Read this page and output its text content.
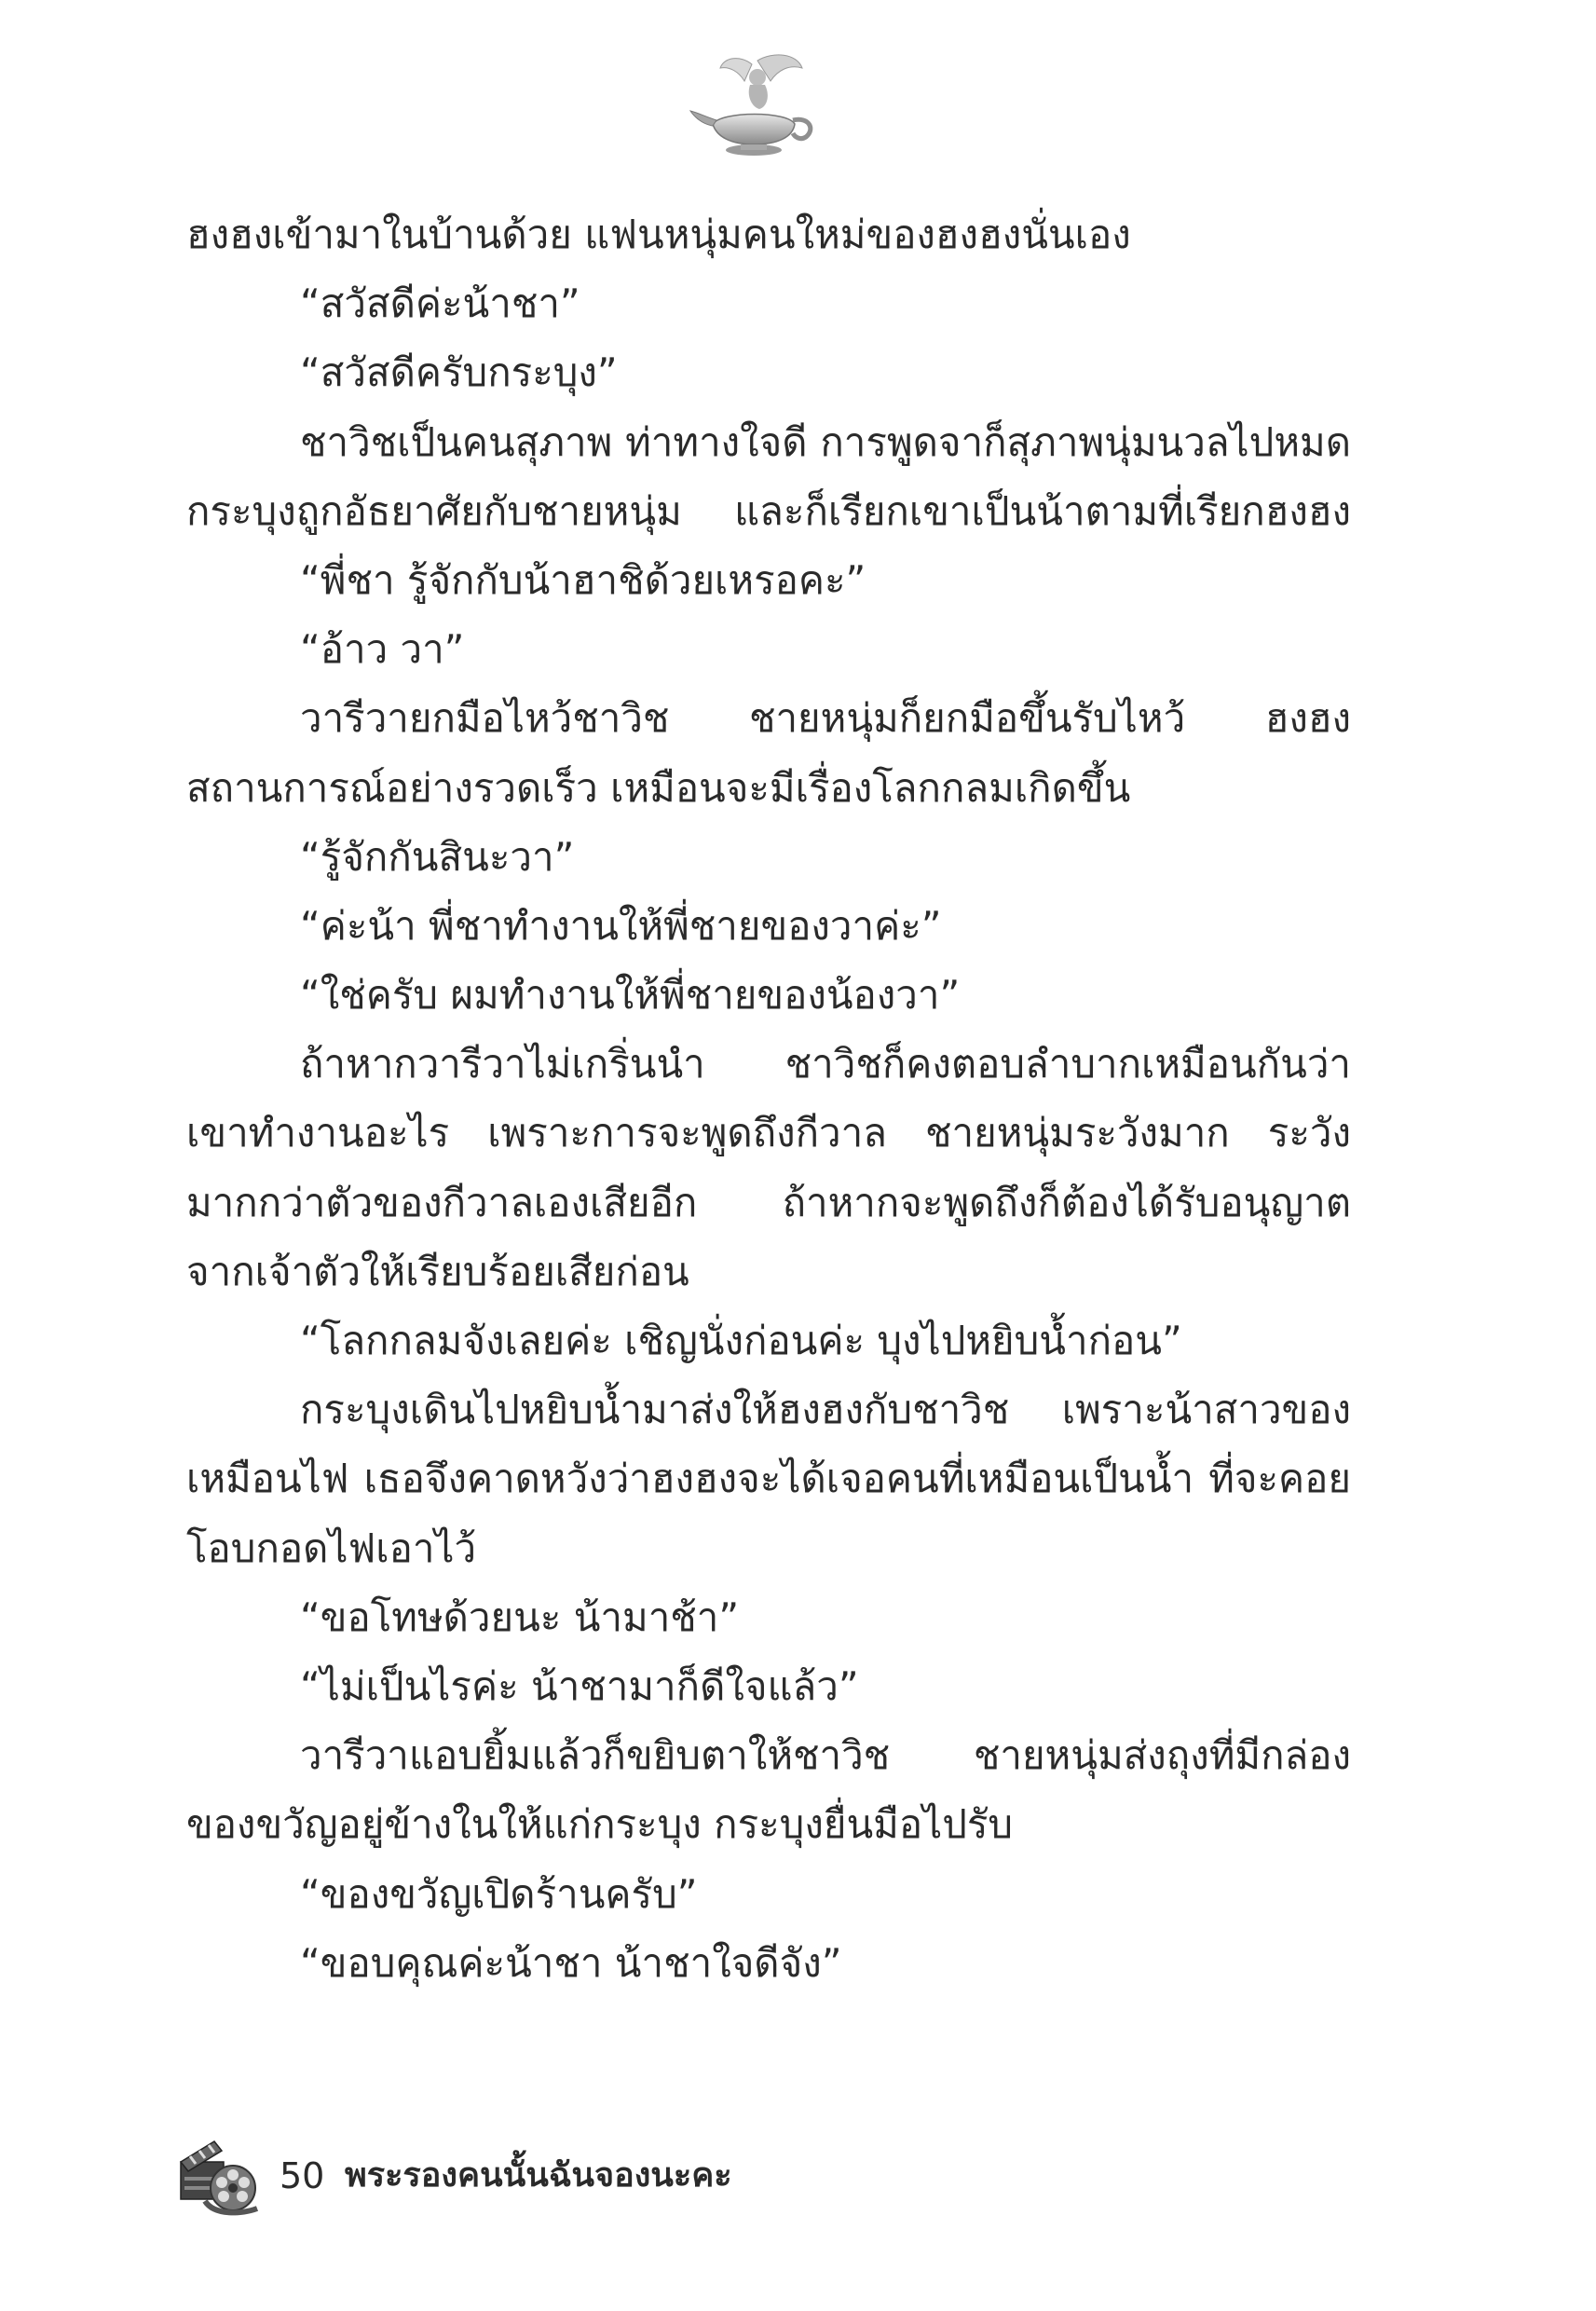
ฮงฮงเข้ามาในบ้านด้วย แฟนหนุ่มคนใหม่ของฮงฮงนั่นเอง
“สวัสดีค่ะน้าชา”
“สวัสดีครับกระบุง”
ชาวิชเป็นคนสุภาพ ท่าทางใจดี การพูดจาก็สุภาพนุ่มนวลไปหมด
กระบุงถูกอัธยาศัยกับชายหนุ่ม และก็เรียกเขาเป็นน้าตามที่เรียกฮงฮง
“พี่ชา รู้จักกับน้าฮาชิด้วยเหรอคะ”
“อ้าว วา”
วารีวายกมือไหว้ชาวิช ชายหนุ่มก็ยกมือขึ้นรับไหว้ ฮงฮง
สถานการณ์อย่างรวดเร็ว เหมือนจะมีเรื่องโลกกลมเกิดขึ้น
“รู้จักกันสินะวา”
“ค่ะน้า พี่ชาทำงานให้พี่ชายของวาค่ะ”
“ใช่ครับ ผมทำงานให้พี่ชายของน้องวา”
ถ้าหากวารีวาไม่เกริ่นนำ ชาวิชก็คงตอบลำบากเหมือนกันว่า
เขาทำงานอะไร เพราะการจะพูดถึงกีวาล ชายหนุ่มระวังมาก ระวัง
มากกว่าตัวของกีวาลเองเสียอีก ถ้าหากจะพูดถึงก็ต้องได้รับอนุญาต
จากเจ้าตัวให้เรียบร้อยเสียก่อน
“โลกกลมจังเลยค่ะ เชิญนั่งก่อนค่ะ บุงไปหยิบน้ำก่อน”
กระบุงเดินไปหยิบน้ำมาส่งให้ฮงฮงกับชาวิช เพราะน้าสาวของ
เหมือนไฟ เธอจึงคาดหวังว่าฮงฮงจะได้เจอคนที่เหมือนเป็นน้ำ ที่จะคอย
โอบกอดไฟเอาไว้
“ขอโทษด้วยนะ น้ามาช้า”
“ไม่เป็นไรค่ะ น้าชามาก็ดีใจแล้ว”
วารีวาแอบยิ้มแล้วก็ขยิบตาให้ชาวิช ชายหนุ่มส่งถุงที่มีกล่อง
ของขวัญอยู่ข้างในให้แก่กระบุง กระบุงยื่นมือไปรับ
“ของขวัญเปิดร้านครับ”
“ขอบคุณค่ะน้าชา น้าชาใจดีจัง”
50 พระรองคนนั้นฉันจองนะคะ
